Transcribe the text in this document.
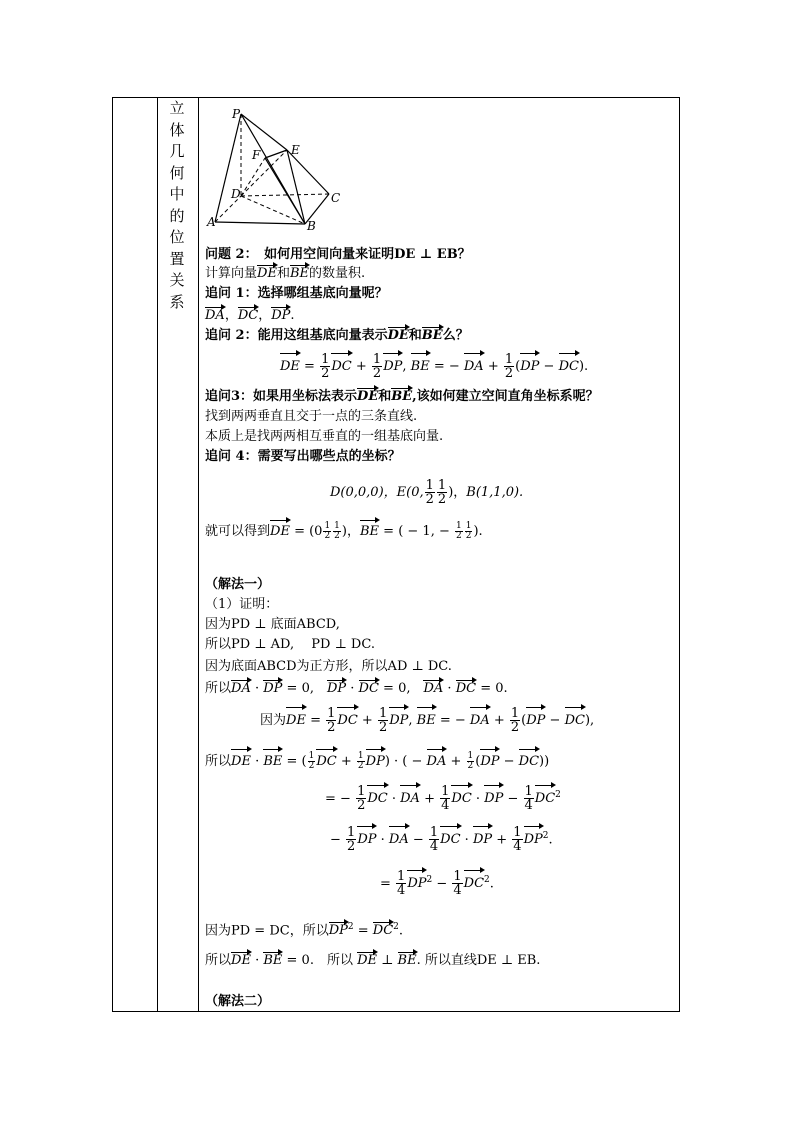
立
体
几
何
中
的
位
置
关
系
P
F	E
D	C
A	B
问题 2：　如何用空间向量来证明DE ⊥ EB？
计算向量DE和BE的数量积.
追问 1：选择哪组基底向量呢？
DA，DC，DP.
追问 2：能用这组基底向量表示DE和BE么？
DE = $\frac{1}{2}$ DC + $\frac{1}{2}$ DP, BE = − DA + $\frac{1}{2} (DP - DC)$.
追问3：如果用坐标法表示DE和BE,该如何建立空间直角坐标系呢？
找到两两垂直且交于一点的三条直线.
本质上是找两两相互垂直的一组基底向量.
追问 4：需要写出哪些点的坐标？
D(0,0,0)，E(0, $\frac{1}{2} \frac{1}{2}$ )，B(1,1,0).
就可以得到DE = ($0 \frac{1}{2} \frac{1}{2}$ )，BE = ( − 1, − $\frac{1}{2} \frac{1}{2}$ ).
（解法一）
（1）证明：
因为PD ⊥ 底面ABCD,
所以PD ⊥ AD,　 PD ⊥ DC.
因为底面ABCD为正方形，所以AD ⊥ DC.
所以DA · DP = 0,　DP · DC = 0,　DA · DC = 0.
因为DE = $\frac{1}{2}$ DC + $\frac{1}{2}$ DP, BE = − DA + $\frac{1}{2} (DP - DC)$,
所以DE · BE = ( $\frac{1}{2}$ DC + $\frac{1}{2} DP$) · ( − DA + $\frac{1}{2} (DP - DC)$)
= − $\frac{1}{2}$ DC · DA + $\frac{1}{4}$ DC · DP − $\frac{1}{4} DC^2$
− $\frac{1}{2}$ DP · DA − $\frac{1}{4}$ DC · DP + $\frac{1}{4} DP^2$.
= $\frac{1}{4} DP^2 - \frac{1}{4} DC^2$.
因为PD = DC，所以$DP^2 = DC^2$.
所以DE · BE = 0.　所以 DE ⊥ BE. 所以直线DE ⊥ EB.
（解法二）
